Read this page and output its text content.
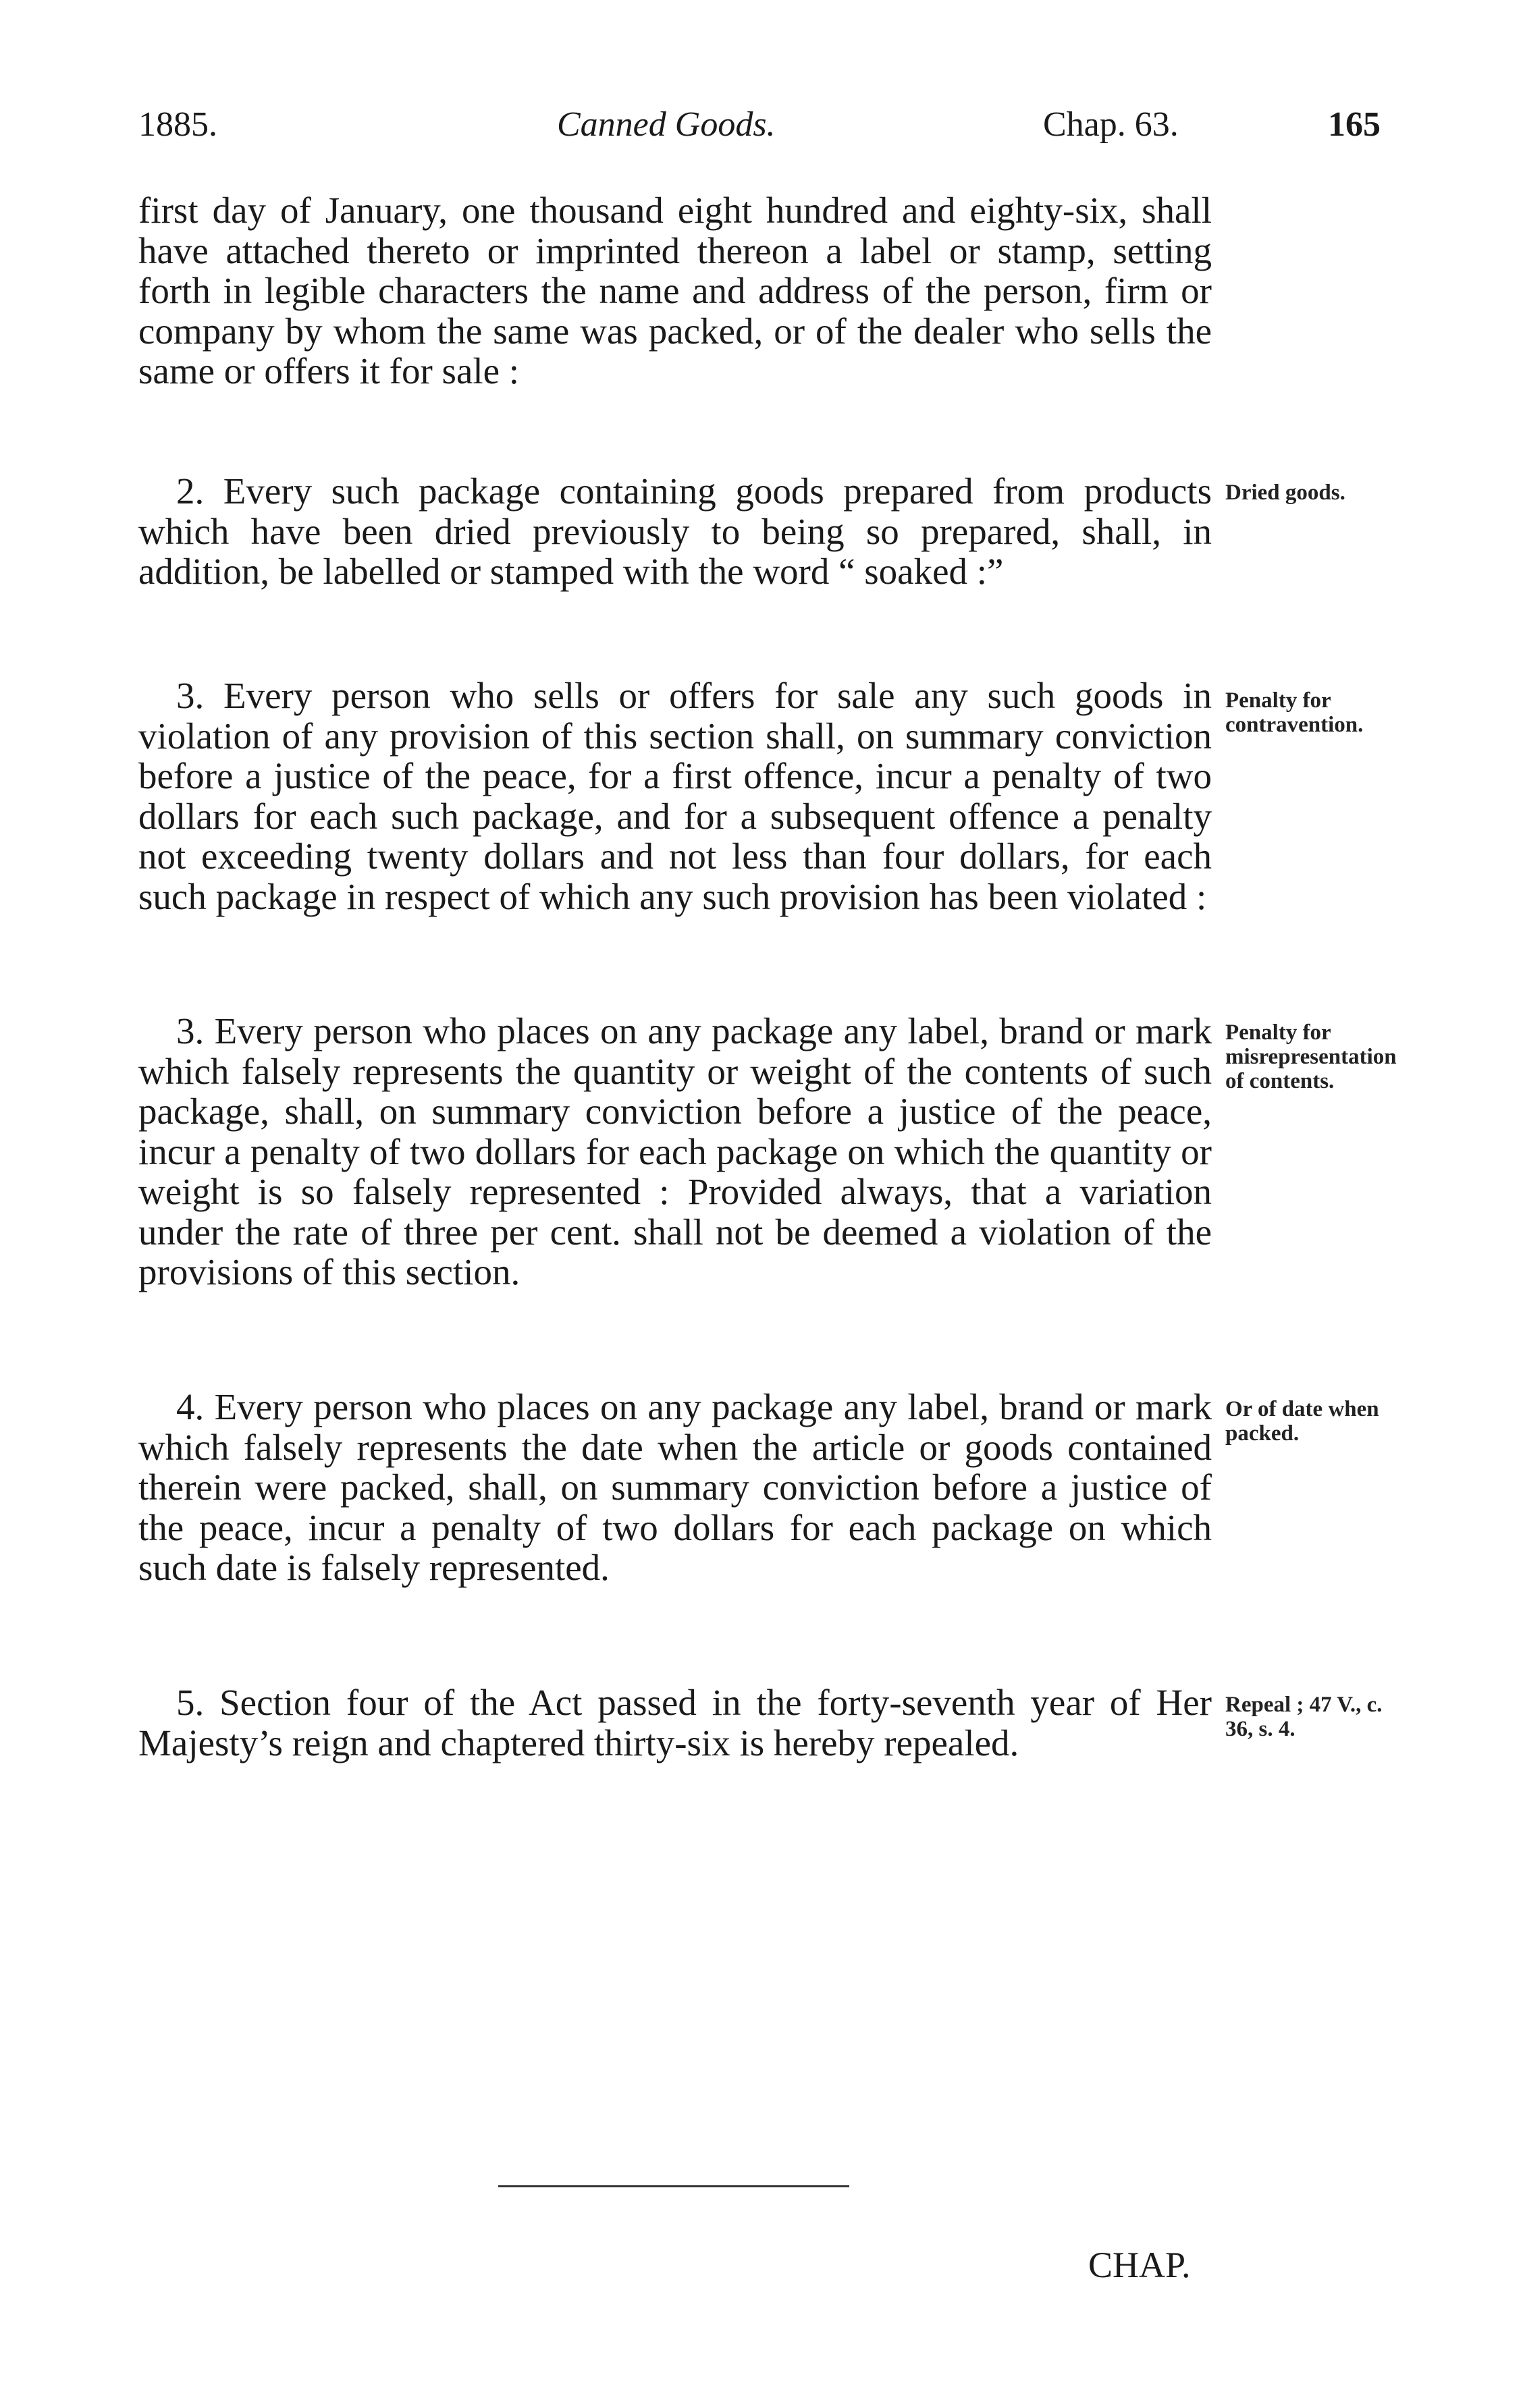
1885.	Canned Goods.	Chap. 63.	165
first day of January, one thousand eight hundred and eighty-six, shall have attached thereto or imprinted thereon a label or stamp, setting forth in legible characters the name and address of the person, firm or company by whom the same was packed, or of the dealer who sells the same or offers it for sale :
2. Every such package containing goods prepared from products which have been dried previously to being so prepared, shall, in addition, be labelled or stamped with the word “ soaked :”
Dried goods.
3. Every person who sells or offers for sale any such goods in violation of any provision of this section shall, on summary conviction before a justice of the peace, for a first offence, incur a penalty of two dollars for each such package, and for a subsequent offence a penalty not exceeding twenty dollars and not less than four dollars, for each such package in respect of which any such provision has been violated :
Penalty for contravention.
3. Every person who places on any package any label, brand or mark which falsely represents the quantity or weight of the contents of such package, shall, on summary conviction before a justice of the peace, incur a penalty of two dollars for each package on which the quantity or weight is so falsely represented : Provided always, that a variation under the rate of three per cent. shall not be deemed a violation of the provisions of this section.
Penalty for misrepresentation of contents.
4. Every person who places on any package any label, brand or mark which falsely represents the date when the article or goods contained therein were packed, shall, on summary conviction before a justice of the peace, incur a penalty of two dollars for each package on which such date is falsely represented.
Or of date when packed.
5. Section four of the Act passed in the forty-seventh year of Her Majesty’s reign and chaptered thirty-six is hereby repealed.
Repeal ; 47 V., c. 36, s. 4.
CHAP.
